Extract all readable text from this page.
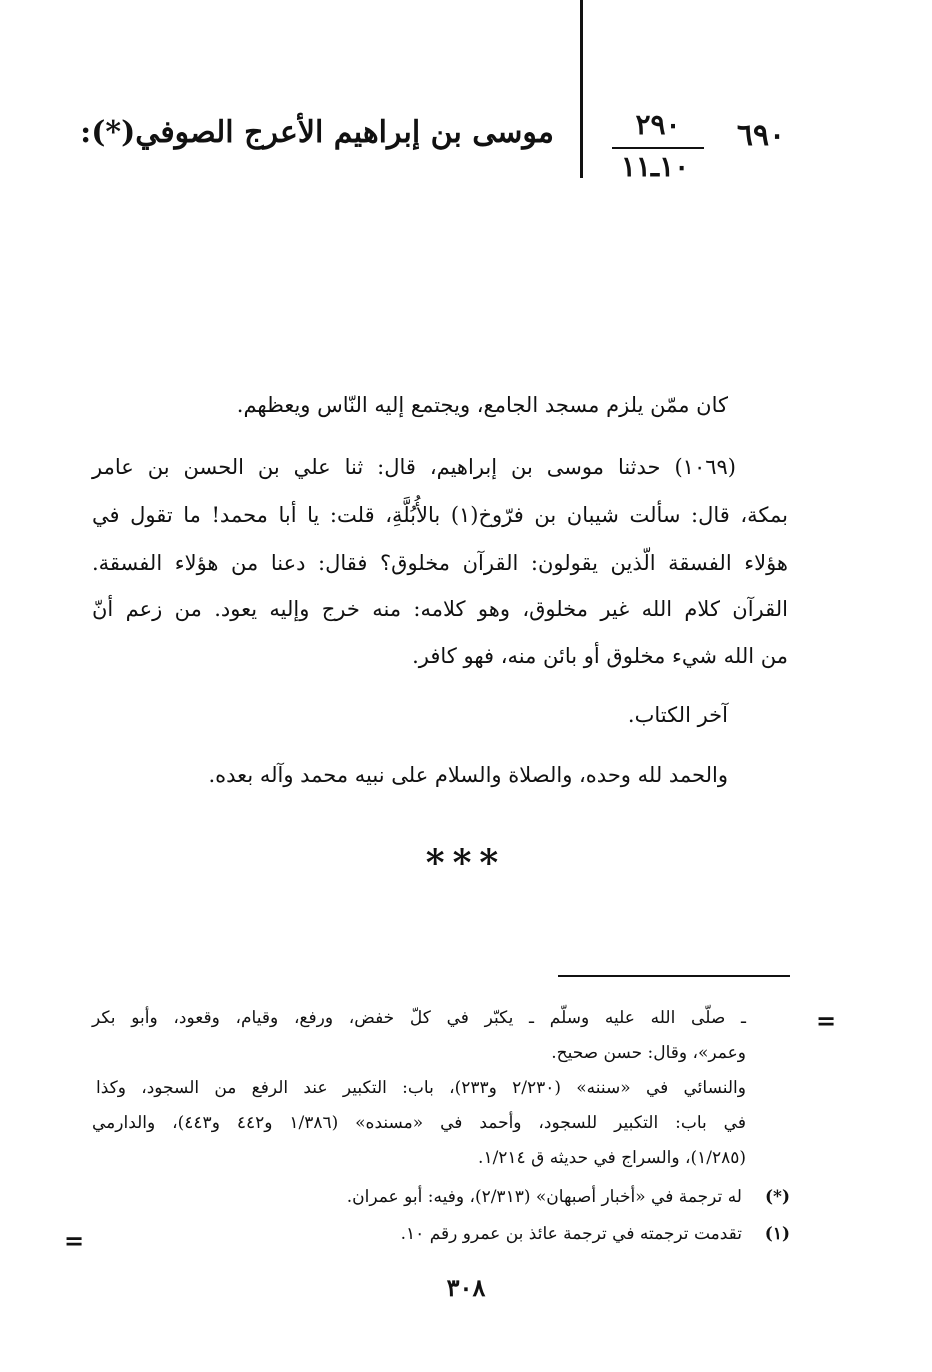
٦٩٠
٢٩٠
١٠ـ١١
موسى بن إبراهيم الأعرج الصوفي(*):
كان ممّن يلزم مسجد الجامع، ويجتمع إليه النّاس ويعظهم.
(١٠٦٩) حدثنا موسى بن إبراهيم، قال: ثنا علي بن الحسن بن عامر
بمكة، قال: سألت شيبان بن فرّوخ(١) بالأُبُلَّةِ، قلت: يا أبا محمد! ما تقول في
هؤلاء الفسقة الّذين يقولون: القرآن مخلوق؟ فقال: دعنا من هؤلاء الفسقة.
القرآن كلام الله غير مخلوق، وهو كلامه: منه خرج وإليه يعود. من زعم أنّ
من الله شيء مخلوق أو بائن منه، فهو كافر.
آخر الكتاب.
والحمد لله وحده، والصلاة والسلام على نبيه محمد وآله بعده.
***
=
ـ صلّى الله عليه وسلّم ـ يكبّر في كلّ خفض، ورفع، وقيام، وقعود، وأبو بكر
وعمر»، وقال: حسن صحيح.
والنسائي في «سننه» (٢/٢٣٠ و٢٣٣)، باب: التكبير عند الرفع من السجود، وكذا
في باب: التكبير للسجود، وأحمد في «مسنده» (١/٣٨٦ و٤٤٢ و٤٤٣)، والدارمي
(١/٢٨٥)، والسراج في حديثه ق ١/٢١٤.
(*)
له ترجمة في «أخبار أصبهان» (٢/٣١٣)، وفيه: أبو عمران.
(١)
تقدمت ترجمته في ترجمة عائذ بن عمرو رقم ١٠.
=
٣٠٨
